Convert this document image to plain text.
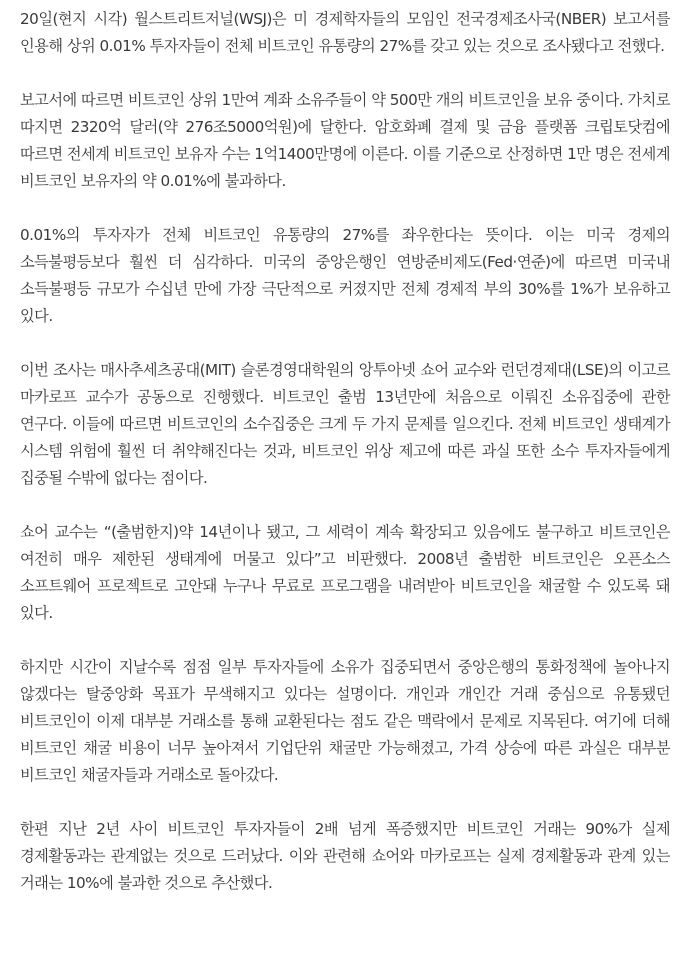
20일(현지 시각) 월스트리트저널(WSJ)은 미 경제학자들의 모임인 전국경제조사국(NBER) 보고서를 인용해 상위 0.01% 투자자들이 전체 비트코인 유통량의 27%를 갖고 있는 것으로 조사됐다고 전했다.

보고서에 따르면 비트코인 상위 1만여 계좌 소유주들이 약 500만 개의 비트코인을 보유 중이다. 가치로 따지면 2320억 달러(약 276조5000억원)에 달한다. 암호화폐 결제 및 금융 플랫폼 크립토닷컴에 따르면 전세계 비트코인 보유자 수는 1억1400만명에 이른다. 이를 기준으로 산정하면 1만 명은 전세계 비트코인 보유자의 약 0.01%에 불과하다.

0.01%의 투자자가 전체 비트코인 유통량의 27%를 좌우한다는 뜻이다. 이는 미국 경제의 소득불평등보다 훨씬 더 심각하다. 미국의 중앙은행인 연방준비제도(Fed·연준)에 따르면 미국내 소득불평등 규모가 수십년 만에 가장 극단적으로 커졌지만 전체 경제적 부의 30%를 1%가 보유하고 있다.

이번 조사는 매사추세츠공대(MIT) 슬론경영대학원의 앙투아넷 쇼어 교수와 런던경제대(LSE)의 이고르 마카로프 교수가 공동으로 진행했다. 비트코인 출범 13년만에 처음으로 이뤄진 소유집중에 관한 연구다. 이들에 따르면 비트코인의 소수집중은 크게 두 가지 문제를 일으킨다. 전체 비트코인 생태계가 시스템 위험에 훨씬 더 취약해진다는 것과, 비트코인 위상 제고에 따른 과실 또한 소수 투자자들에게 집중될 수밖에 없다는 점이다.

쇼어 교수는 “(출범한지)약 14년이나 됐고, 그 세력이 계속 확장되고 있음에도 불구하고 비트코인은 여전히 매우 제한된 생태계에 머물고 있다”고 비판했다. 2008년 출범한 비트코인은 오픈소스 소프트웨어 프로젝트로 고안돼 누구나 무료로 프로그램을 내려받아 비트코인을 채굴할 수 있도록 돼 있다.

하지만 시간이 지날수록 점점 일부 투자자들에 소유가 집중되면서 중앙은행의 통화정책에 놀아나지 않겠다는 탈중앙화 목표가 무색해지고 있다는 설명이다. 개인과 개인간 거래 중심으로 유통됐던 비트코인이 이제 대부분 거래소를 통해 교환된다는 점도 같은 맥락에서 문제로 지목된다. 여기에 더해 비트코인 채굴 비용이 너무 높아져서 기업단위 채굴만 가능해졌고, 가격 상승에 따른 과실은 대부분 비트코인 채굴자들과 거래소로 돌아갔다.

한편 지난 2년 사이 비트코인 투자자들이 2배 넘게 폭증했지만 비트코인 거래는 90%가 실제 경제활동과는 관계없는 것으로 드러났다. 이와 관련해 쇼어와 마카로프는 실제 경제활동과 관계 있는 거래는 10%에 불과한 것으로 추산했다.
